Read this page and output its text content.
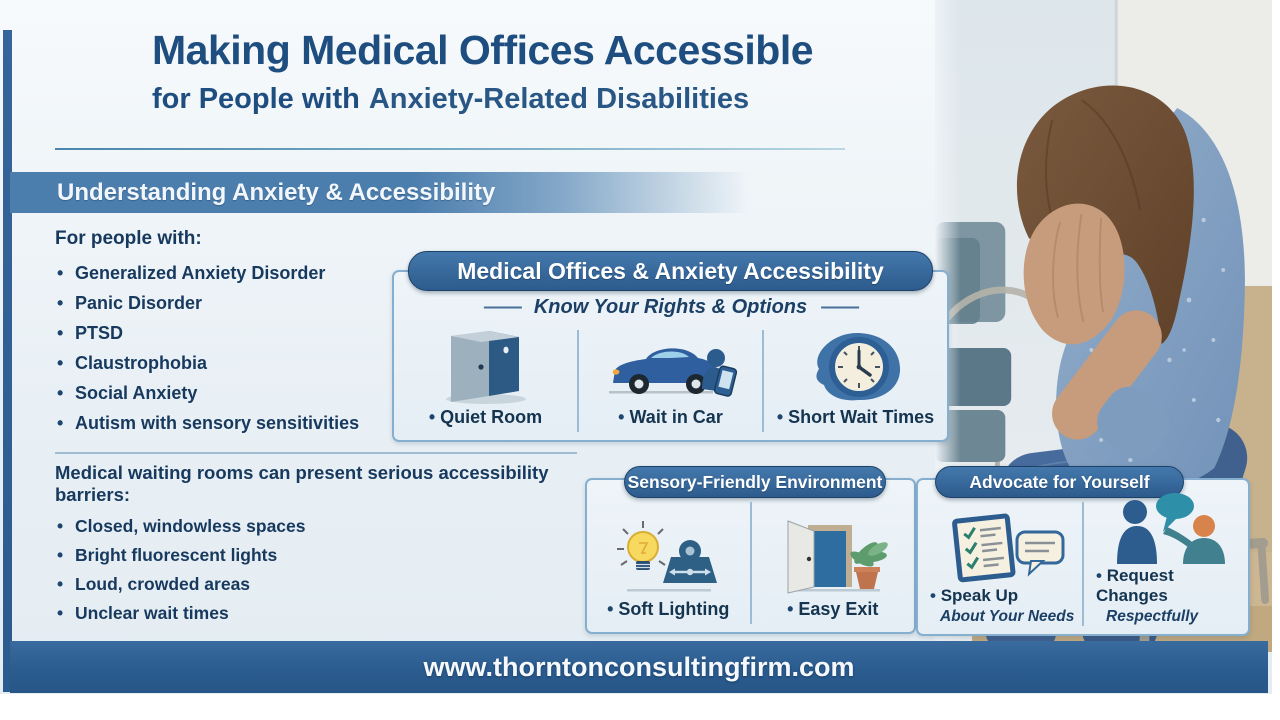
Making Medical Offices Accessible
for People with Anxiety-Related Disabilities
Understanding Anxiety & Accessibility

For people with:

• Generalized Anxiety Disorder
• Panic Disorder
• PTSD
• Claustrophobia
• Social Anxiety
• Autism with sensory sensitivities

Medical waiting rooms can present serious accessibility barriers:

• Closed, windowless spaces
• Bright fluorescent lights
• Loud, crowded areas
• Unclear wait times
Medical Offices & Anxiety Accessibility
—— Know Your Rights & Options ——
• Quiet Room	• Wait in Car	• Short Wait Times
Sensory-Friendly Environment
• Soft Lighting	• Easy Exit
Advocate for Yourself
• Speak Up
About Your Needs
• Request Changes
Respectfully
www.thorntonconsultingfirm.com
